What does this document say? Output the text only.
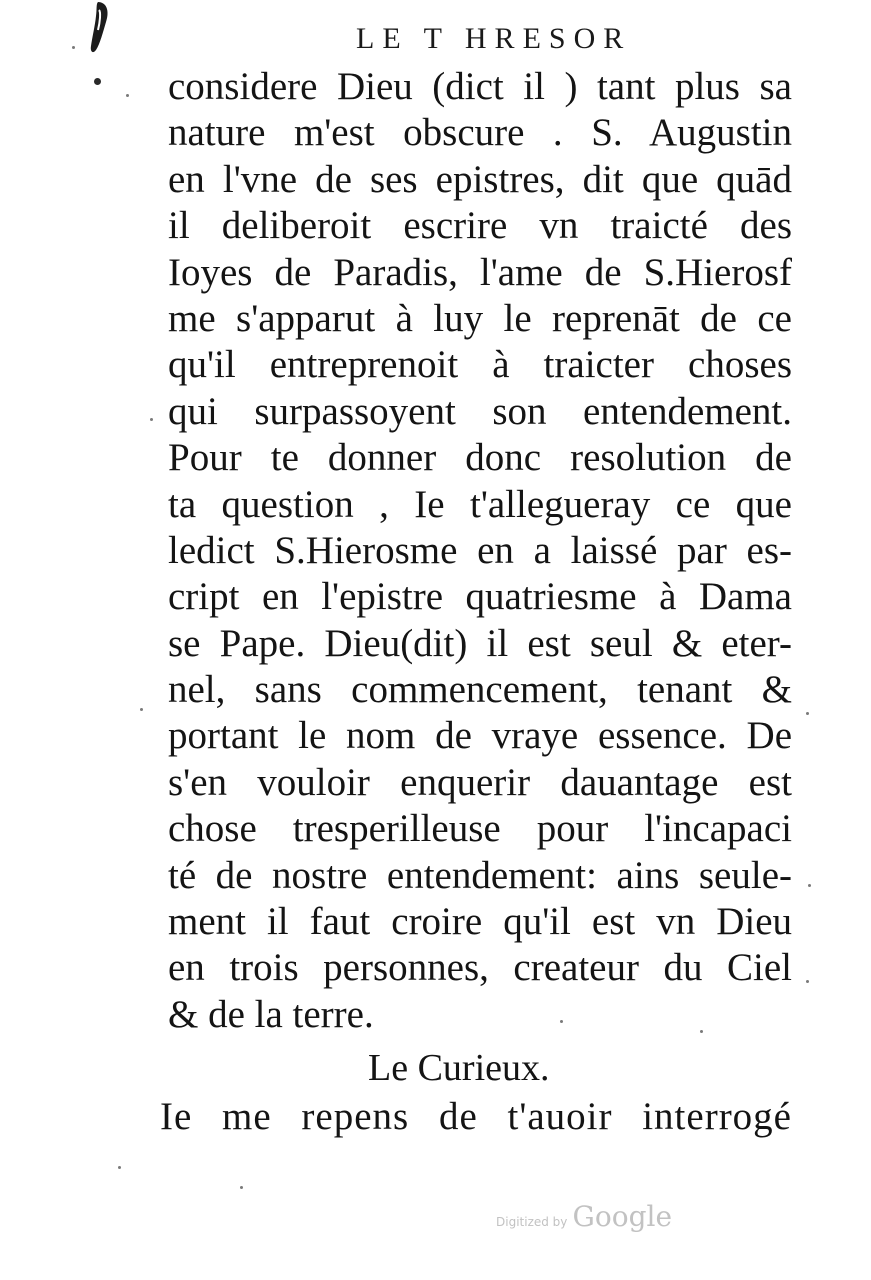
LE T HRESOR
considere Dieu (dict il ) tant plus sa
nature m'est obscure . S. Augustin
en l'vne de ses epistres, dit que quād
il deliberoit escrire vn traicté des
Ioyes de Paradis, l'ame de S.Hierosf
me s'apparut à luy le reprenāt de ce
qu'il entreprenoit à traicter choses
qui surpassoyent son entendement.
Pour te donner donc resolution de
ta question , Ie t'allegueray ce que
ledict S.Hierosme en a laissé par es-
cript en l'epistre quatriesme à Dama
se Pape. Dieu(dit) il est seul & eter-
nel, sans commencement, tenant &
portant le nom de vraye essence. De
s'en vouloir enquerir dauantage est
chose tresperilleuse pour l'incapaci
té de nostre entendement: ains seule-
ment il faut croire qu'il est vn Dieu
en trois personnes, createur du Ciel
& de la terre.
Le Curieux.
Ie me repens de t'auoir interrogé
Digitized by Google
